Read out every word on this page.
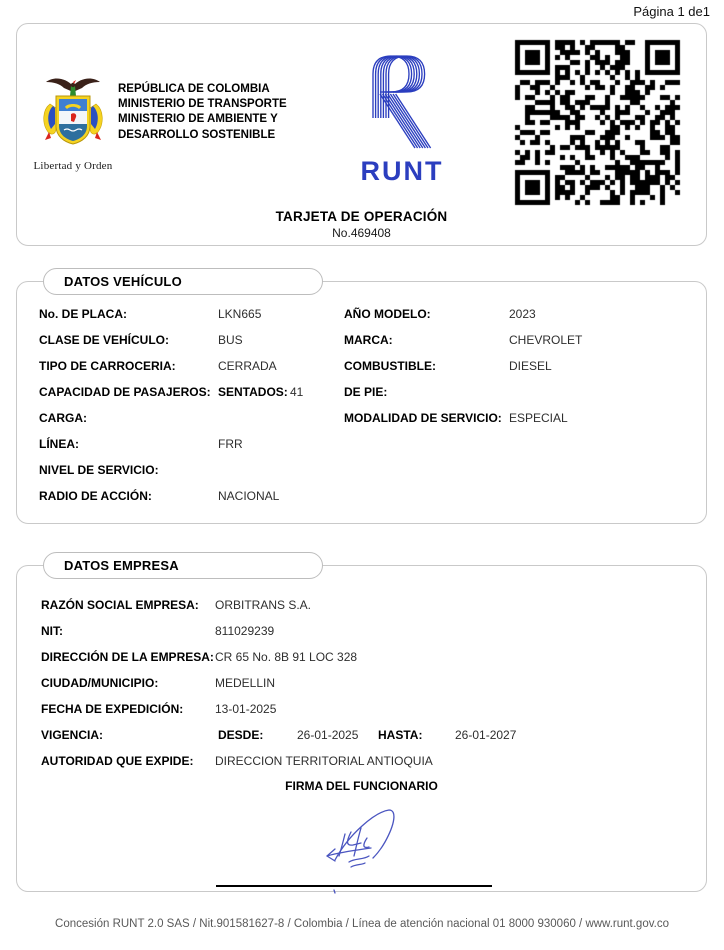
Página 1 de1
Libertad y Orden
REPÚBLICA DE COLOMBIA
MINISTERIO DE TRANSPORTE
MINISTERIO DE AMBIENTE Y
DESARROLLO SOSTENIBLE
RUNT
TARJETA DE OPERACIÓN
No.469408
DATOS VEHÍCULO
No. DE PLACA:	LKN665	AÑO MODELO:	2023
CLASE DE VEHÍCULO:	BUS	MARCA:	CHEVROLET
TIPO DE CARROCERIA:	CERRADA	COMBUSTIBLE:	DIESEL
CAPACIDAD DE PASAJEROS: SENTADOS: 41	DE PIE:
CARGA:	MODALIDAD DE SERVICIO: ESPECIAL
LÍNEA:	FRR
NIVEL DE SERVICIO:
RADIO DE ACCIÓN:	NACIONAL
DATOS EMPRESA
RAZÓN SOCIAL EMPRESA: ORBITRANS S.A.
NIT:	811029239
DIRECCIÓN DE LA EMPRESA: CR 65 No. 8B 91 LOC 328
CIUDAD/MUNICIPIO:	MEDELLIN
FECHA DE EXPEDICIÓN:	13-01-2025
VIGENCIA:	DESDE:	26-01-2025 HASTA:	26-01-2027
AUTORIDAD QUE EXPIDE: DIRECCION TERRITORIAL ANTIOQUIA
FIRMA DEL FUNCIONARIO
Concesión RUNT 2.0 SAS / Nit.901581627-8 / Colombia / Línea de atención nacional 01 8000 930060 / www.runt.gov.co
